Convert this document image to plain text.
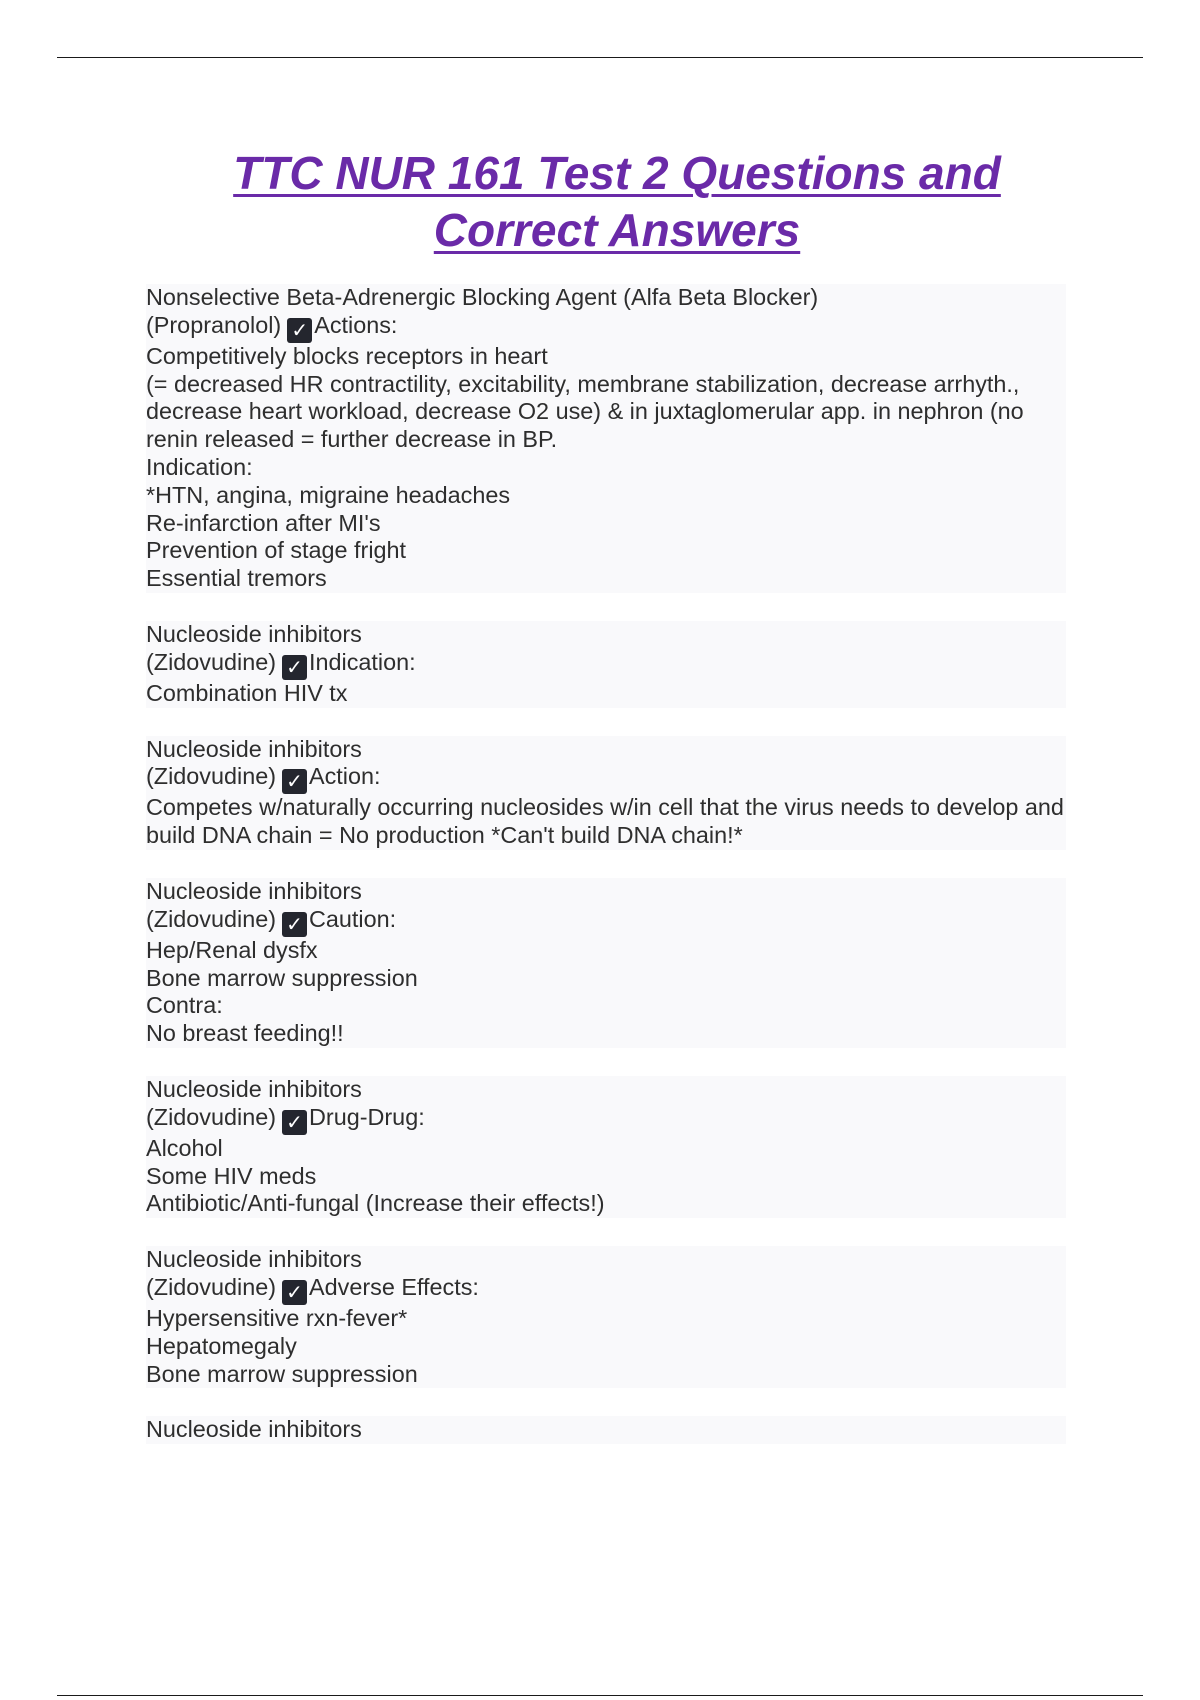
TTC NUR 161 Test 2 Questions and
Correct Answers
Nonselective Beta-Adrenergic Blocking Agent (Alfa Beta Blocker)
(Propranolol) ✓ Actions:
Competitively blocks receptors in heart
(= decreased HR contractility, excitability, membrane stabilization, decrease arrhyth., decrease heart workload, decrease O2 use) & in juxtaglomerular app. in nephron (no renin released = further decrease in BP.
Indication:
*HTN, angina, migraine headaches
Re-infarction after MI's
Prevention of stage fright
Essential tremors
Nucleoside inhibitors
(Zidovudine) ✓ Indication:
Combination HIV tx
Nucleoside inhibitors
(Zidovudine) ✓ Action:
Competes w/naturally occurring nucleosides w/in cell that the virus needs to develop and build DNA chain = No production *Can't build DNA chain!*
Nucleoside inhibitors
(Zidovudine) ✓ Caution:
Hep/Renal dysfx
Bone marrow suppression
Contra:
No breast feeding!!
Nucleoside inhibitors
(Zidovudine) ✓ Drug-Drug:
Alcohol
Some HIV meds
Antibiotic/Anti-fungal (Increase their effects!)
Nucleoside inhibitors
(Zidovudine) ✓ Adverse Effects:
Hypersensitive rxn-fever*
Hepatomegaly
Bone marrow suppression
Nucleoside inhibitors
